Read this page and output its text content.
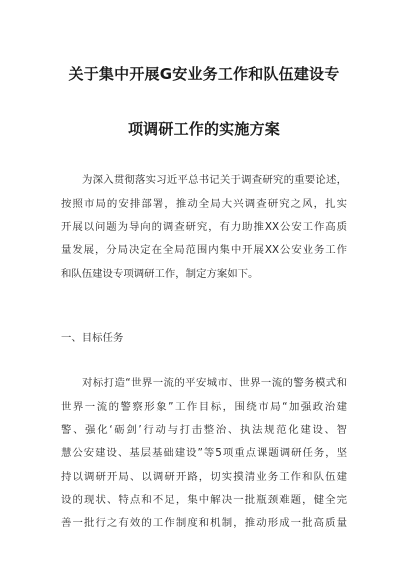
关于集中开展G安业务工作和队伍建设专
项调研工作的实施方案
为深入贯彻落实习近平总书记关于调查研究的重要论述，
按照市局的安排部署，推动全局大兴调查研究之风，扎实
开展以问题为导向的调查研究，有力助推XX公安工作高质
量发展，分局决定在全局范围内集中开展XX公安业务工作
和队伍建设专项调研工作，制定方案如下。
一、目标任务
对标打造“世界一流的平安城市、世界一流的警务模式和
世界一流的警察形象”工作目标，围绕市局“加强政治建
警、强化‘砺剑’行动与打击整治、执法规范化建设、智
慧公安建设、基层基础建设”等5项重点课题调研任务，坚
持以调研开局、以调研开路，切实摸清业务工作和队伍建
设的现状、特点和不足，集中解决一批瓶颈难题，健全完
善一批行之有效的工作制度和机制，推动形成一批高质量
